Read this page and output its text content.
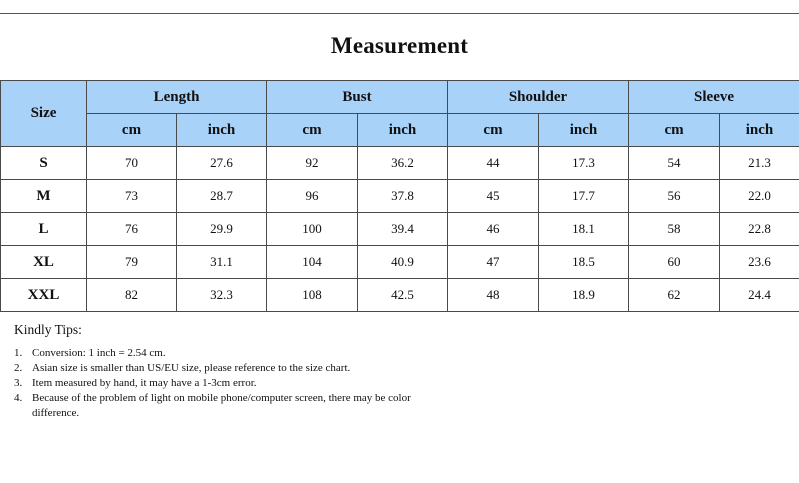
Measurement
Size	Length		Bust		Shoulder		Sleeve	
	cm	inch	cm	inch	cm	inch	cm	inch
S	70	27.6	92	36.2	44	17.3	54	21.3
M	73	28.7	96	37.8	45	17.7	56	22.0
L	76	29.9	100	39.4	46	18.1	58	22.8
XL	79	31.1	104	40.9	47	18.5	60	23.6
XXL	82	32.3	108	42.5	48	18.9	62	24.4
Kindly Tips:
1. Conversion: 1 inch = 2.54 cm.
2. Asian size is smaller than US/EU size, please reference to the size chart.
3. Item measured by hand, it may have a 1-3cm error.
4. Because of the problem of light on mobile phone/computer screen, there may be color difference.
